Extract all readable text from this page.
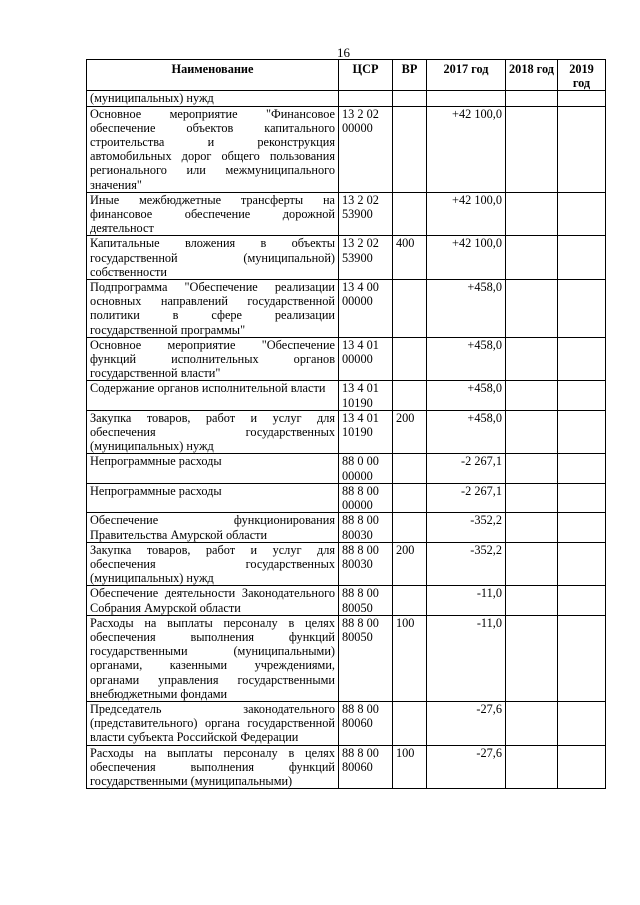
16
Наименование	ЦСР	ВР	2017 год	2018 год	2019 год
(муниципальных) нужд					
Основное мероприятие "Финансовое обеспечение объектов капитального строительства и реконструкция автомобильных дорог общего пользования регионального или межмуниципального значения"	13 2 02 00000		+42 100,0		
Иные межбюджетные трансферты на финансовое обеспечение дорожной деятельност	13 2 02 53900		+42 100,0		
Капитальные вложения в объекты государственной (муниципальной) собственности	13 2 02 53900	400	+42 100,0		
Подпрограмма "Обеспечение реализации основных направлений государственной политики в сфере реализации государственной программы"	13 4 00 00000		+458,0		
Основное мероприятие "Обеспечение функций исполнительных органов государственной власти"	13 4 01 00000		+458,0		
Содержание органов исполнительной власти	13 4 01 10190		+458,0		
Закупка товаров, работ и услуг для обеспечения государственных (муниципальных) нужд	13 4 01 10190	200	+458,0		
Непрограммные расходы	88 0 00 00000		-2 267,1		
Непрограммные расходы	88 8 00 00000		-2 267,1		
Обеспечение функционирования Правительства Амурской области	88 8 00 80030		-352,2		
Закупка товаров, работ и услуг для обеспечения государственных (муниципальных) нужд	88 8 00 80030	200	-352,2		
Обеспечение деятельности Законодательного Собрания Амурской области	88 8 00 80050		-11,0		
Расходы на выплаты персоналу в целях обеспечения выполнения функций государственными (муниципальными) органами, казенными учреждениями, органами управления государственными внебюджетными фондами	88 8 00 80050	100	-11,0		
Председатель законодательного (представительного) органа государственной власти субъекта Российской Федерации	88 8 00 80060		-27,6		
Расходы на выплаты персоналу в целях обеспечения выполнения функций государственными (муниципальными)	88 8 00 80060	100	-27,6		
